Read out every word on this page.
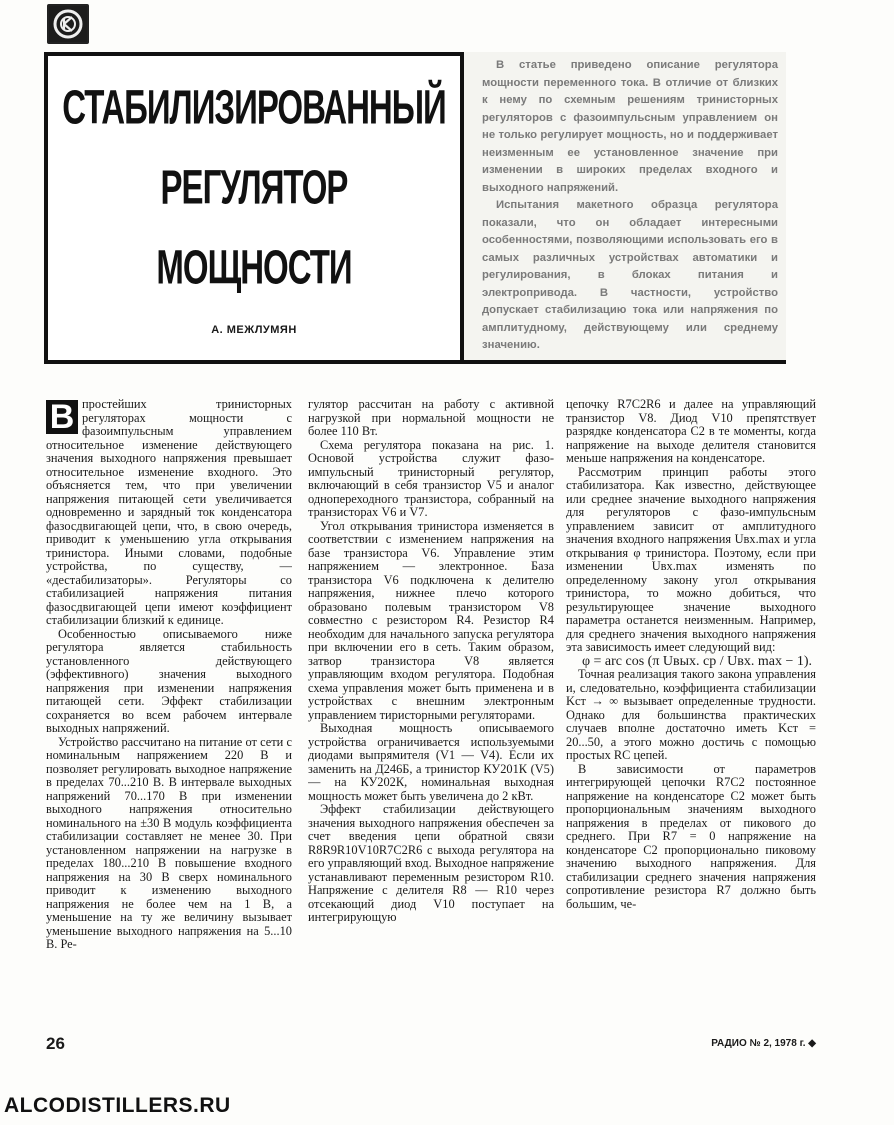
СТАБИЛИЗИРОВАННЫЙ
РЕГУЛЯТОР
МОЩНОСТИ
А. МЕЖЛУМЯН

В статье приведено описание регулятора мощности переменного тока. В отличие от близких к нему по схемным решениям тринисторных регуляторов с фазоимпульсным управлением он не только регулирует мощность, но и поддерживает неизменным ее установленное значение при изменении в широких пределах входного и выходного напряжений.

Испытания макетного образца регулятора показали, что он обладает интересными особенностями, позволяющими использовать его в самых различных устройствах автоматики и регулирования, в блоках питания и электропривода. В частности, устройство допускает стабилизацию тока или напряжения по амплитудному, действующему или среднему значению.

В простейших тринисторных регуляторах мощности с фазоимпульсным управлением относительное изменение действующего значения выходного напряжения превышает относительное изменение входного. Это объясняется тем, что при увеличении напряжения питающей сети увеличивается одновременно и зарядный ток конденсатора фазосдвигающей цепи, что, в свою очередь, приводит к уменьшению угла открывания тринистора. Иными словами, подобные устройства, по существу, — «дестабилизаторы». Регуляторы со стабилизацией напряжения питания фазосдвигающей цепи имеют коэффициент стабилизации близкий к единице.

Особенностью описываемого ниже регулятора является стабильность установленного действующего (эффективного) значения выходного напряжения при изменении напряжения питающей сети. Эффект стабилизации сохраняется во всем рабочем интервале выходных напряжений.

Устройство рассчитано на питание от сети с номинальным напряжением 220 В и позволяет регулировать выходное напряжение в пределах 70...210 В. В интервале выходных напряжений 70...170 В при изменении выходного напряжения относительно номинального на ±30 В модуль коэффициента стабилизации составляет не менее 30. При установленном напряжении на нагрузке в пределах 180...210 В повышение входного напряжения на 30 В сверх номинального приводит к изменению выходного напряжения не более чем на 1 В, а уменьшение на ту же величину вызывает уменьшение выходного напряжения на 5...10 В. Ре-

гулятор рассчитан на работу с активной нагрузкой при нормальной мощности не более 110 Вт.

Схема регулятора показана на рис. 1. Основой устройства служит фазо-импульсный тринисторный регулятор, включающий в себя транзистор V5 и аналог однопереходного транзистора, собранный на транзисторах V6 и V7.

Угол открывания тринистора изменяется в соответствии с изменением напряжения на базе транзистора V6. Управление этим напряжением — электронное. База транзистора V6 подключена к делителю напряжения, нижнее плечо которого образовано полевым транзистором V8 совместно с резистором R4. Резистор R4 необходим для начального запуска регулятора при включении его в сеть. Таким образом, затвор транзистора V8 является управляющим входом регулятора. Подобная схема управления может быть применена и в устройствах с внешним электронным управлением тиристорными регуляторами.

Выходная мощность описываемого устройства ограничивается используемыми диодами выпрямителя (V1 — V4). Если их заменить на Д246Б, а тринистор КУ201К (V5) — на КУ202К, номинальная выходная мощность может быть увеличена до 2 кВт.

Эффект стабилизации действующего значения выходного напряжения обеспечен за счет введения цепи обратной связи R8R9R10V10R7C2R6 с выхода регулятора на его управляющий вход. Выходное напряжение устанавливают переменным резистором R10. Напряжение с делителя R8 — R10 через отсекающий диод V10 поступает на интегрирующую

цепочку R7C2R6 и далее на управляющий транзистор V8. Диод V10 препятствует разрядке конденсатора C2 в те моменты, когда напряжение на выходе делителя становится меньше напряжения на конденсаторе.

Рассмотрим принцип работы этого стабилизатора. Как известно, действующее или среднее значение выходного напряжения для регуляторов с фазо-импульсным управлением зависит от амплитудного значения входного напряжения Uвх.max и угла открывания φ тринистора. Поэтому, если при изменении Uвх.max изменять по определенному закону угол открывания тринистора, то можно добиться, что результирующее значение выходного параметра останется неизменным. Например, для среднего значения выходного напряжения эта зависимость имеет следующий вид:

φ = arc cos (π Uвых. ср / Uвх. max − 1).

Точная реализация такого закона управления и, следовательно, коэффициента стабилизации Kст → ∞ вызывает определенные трудности. Однако для большинства практических случаев вполне достаточно иметь Kст = 20...50, а этого можно достичь с помощью простых RC цепей.

В зависимости от параметров интегрирующей цепочки R7C2 постоянное напряжение на конденсаторе C2 может быть пропорциональным значениям выходного напряжения в пределах от пикового до среднего. При R7 = 0 напряжение на конденсаторе C2 пропорционально пиковому значению выходного напряжения. Для стабилизации среднего значения напряжения сопротивление резистора R7 должно быть большим, че-

26	РАДИО № 2, 1978 г. ◆
ALCODISTILLERS.RU
